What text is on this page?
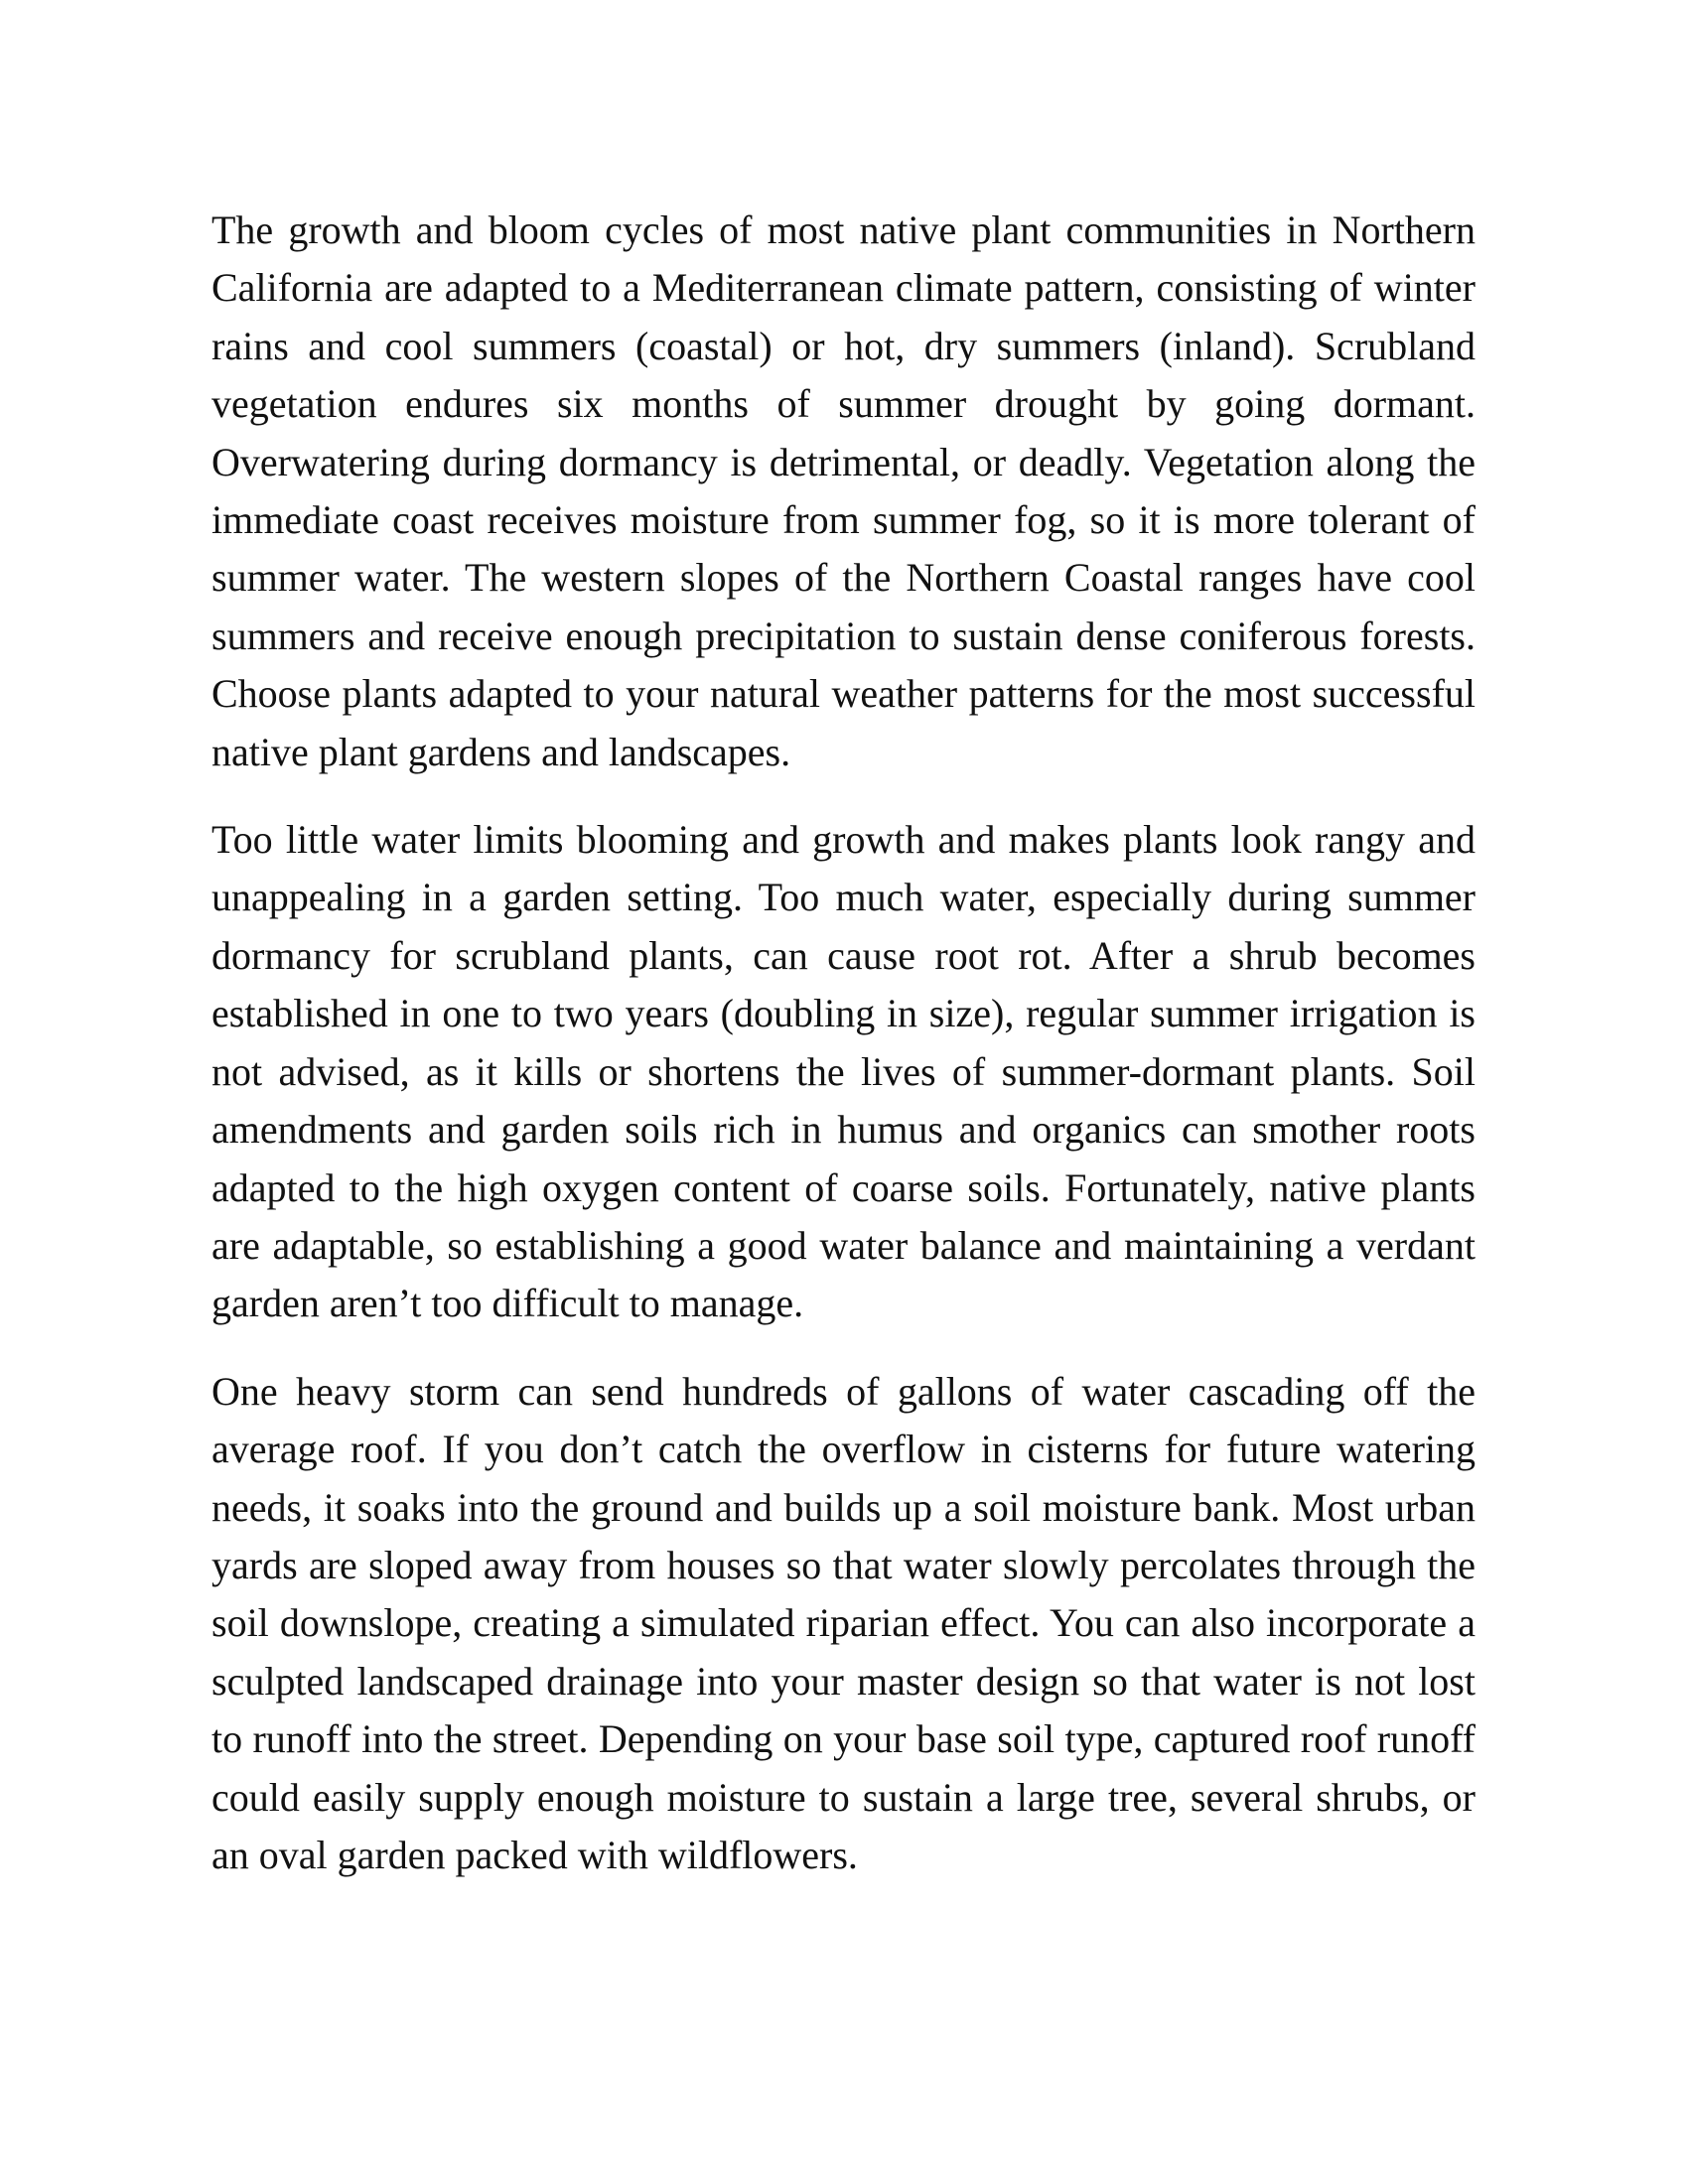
The growth and bloom cycles of most native plant communities in Northern California are adapted to a Mediterranean climate pattern, consisting of winter rains and cool summers (coastal) or hot, dry summers (inland). Scrubland vegetation endures six months of summer drought by going dormant. Overwatering during dormancy is detrimental, or deadly. Vegetation along the immediate coast receives moisture from summer fog, so it is more tolerant of summer water. The western slopes of the Northern Coastal ranges have cool summers and receive enough precipitation to sustain dense coniferous forests. Choose plants adapted to your natural weather patterns for the most successful native plant gardens and landscapes.

Too little water limits blooming and growth and makes plants look rangy and unappealing in a garden setting. Too much water, especially during summer dormancy for scrubland plants, can cause root rot. After a shrub becomes established in one to two years (doubling in size), regular summer irrigation is not advised, as it kills or shortens the lives of summer-dormant plants. Soil amendments and garden soils rich in humus and organics can smother roots adapted to the high oxygen content of coarse soils. Fortunately, native plants are adaptable, so establishing a good water balance and maintaining a verdant garden aren’t too difficult to manage.

One heavy storm can send hundreds of gallons of water cascading off the average roof. If you don’t catch the overflow in cisterns for future watering needs, it soaks into the ground and builds up a soil moisture bank. Most urban yards are sloped away from houses so that water slowly percolates through the soil downslope, creating a simulated riparian effect. You can also incorporate a sculpted landscaped drainage into your master design so that water is not lost to runoff into the street. Depending on your base soil type, captured roof runoff could easily supply enough moisture to sustain a large tree, several shrubs, or an oval garden packed with wildflowers.
